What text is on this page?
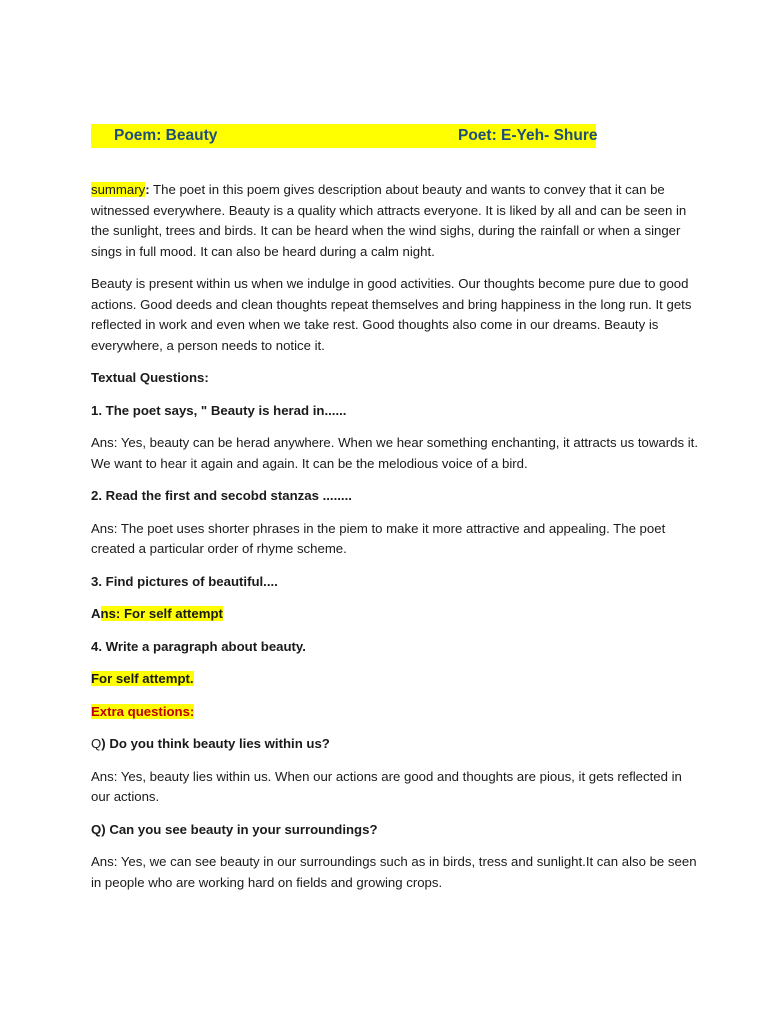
Poem: Beauty	Poet: E-Yeh- Shure

summary: The poet in this poem gives description about beauty and wants to convey that it can be witnessed everywhere. Beauty is a quality which attracts everyone. It is liked by all and can be seen in the sunlight, trees and birds. It can be heard when the wind sighs, during the rainfall or when a singer sings in full mood. It can also be heard during a calm night.

Beauty is present within us when we indulge in good activities. Our thoughts become pure due to good actions. Good deeds and clean thoughts repeat themselves and bring happiness in the long run. It gets reflected in work and even when we take rest. Good thoughts also come in our dreams. Beauty is everywhere, a person needs to notice it.

Textual Questions:

1. The poet says, " Beauty is herad in......

Ans: Yes, beauty can be herad anywhere. When we hear something enchanting, it attracts us towards it. We want to hear it again and again. It can be the melodious voice of a bird.

2. Read the first and secobd stanzas ........

Ans: The poet uses shorter phrases in the piem to make it more attractive and appealing. The poet created a particular order of rhyme scheme.

3. Find pictures of beautiful....

Ans: For self attempt

4. Write a paragraph about beauty.

For self attempt.

Extra questions:

Q) Do you think beauty lies within us?

Ans: Yes, beauty lies within us. When our actions are good and thoughts are pious, it gets reflected in our actions.

Q) Can you see beauty in your surroundings?

Ans: Yes, we can see beauty in our surroundings such as in birds, tress and sunlight.It can also be seen in people who are working hard on fields and growing crops.
